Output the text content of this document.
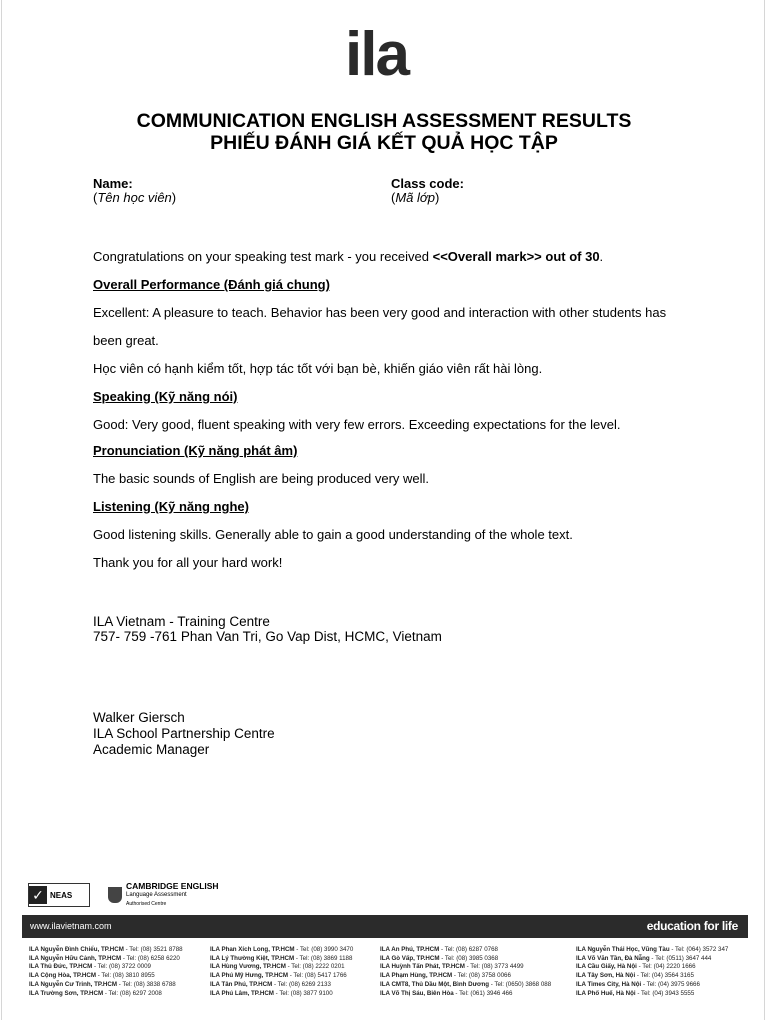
ila
COMMUNICATION ENGLISH ASSESSMENT RESULTS
PHIẾU ĐÁNH GIÁ KẾT QUẢ HỌC TẬP
Name:
(Tên học viên)
Class code:
(Mã lớp)
Congratulations on your speaking test mark - you received <<Overall mark>> out of 30.
Overall Performance (Đánh giá chung)
Excellent: A pleasure to teach. Behavior has been very good and interaction with other students has
been great.
Học viên có hạnh kiểm tốt, hợp tác tốt với bạn bè, khiến giáo viên rất hài lòng.
Speaking (Kỹ năng nói)
Good: Very good, fluent speaking with very few errors. Exceeding expectations for the level.
Pronunciation (Kỹ năng phát âm)
The basic sounds of English are being produced very well.
Listening (Kỹ năng nghe)
Good listening skills. Generally able to gain a good understanding of the whole text.
Thank you for all your hard work!
ILA Vietnam - Training Centre
757- 759 -761 Phan Van Tri, Go Vap Dist, HCMC, Vietnam
Walker Giersch
ILA School Partnership Centre
Academic Manager
✓ NEAS
CAMBRIDGE ENGLISH
Language Assessment
Authorised Centre
www.ilavietnam.com	education for life
ILA Nguyễn Đình Chiểu, TP.HCM - Tel: (08) 3521 8788	ILA Phan Xích Long, TP.HCM - Tel: (08) 3990 3470	ILA An Phú, TP.HCM - Tel: (08) 6287 0768	ILA Nguyễn Thái Học, Vũng Tàu - Tel: (064) 3572 347
ILA Nguyễn Hữu Cảnh, TP.HCM - Tel: (08) 6258 6220	ILA Lý Thường Kiệt, TP.HCM - Tel: (08) 3869 1188	ILA Gò Vấp, TP.HCM - Tel: (08) 3985 0368	ILA Võ Văn Tần, Đà Nẵng - Tel: (0511) 3647 444
ILA Thủ Đức, TP.HCM - Tel: (08) 3722 0009	ILA Hùng Vương, TP.HCM - Tel: (08) 2222 0201	ILA Huỳnh Tấn Phát, TP.HCM - Tel: (08) 3773 4499	ILA Cầu Giấy, Hà Nội - Tel: (04) 2220 1666
ILA Cộng Hòa, TP.HCM - Tel: (08) 3810 8955	ILA Phú Mỹ Hưng, TP.HCM - Tel: (08) 5417 1766	ILA Phạm Hùng, TP.HCM - Tel: (08) 3758 0066	ILA Tây Sơn, Hà Nội - Tel: (04) 3564 3165
ILA Nguyễn Cư Trinh, TP.HCM - Tel: (08) 3838 6788	ILA Tân Phú, TP.HCM - Tel: (08) 6269 2133	ILA CMT8, Thủ Dầu Một, Bình Dương - Tel: (0650) 3868 088	ILA Times City, Hà Nội - Tel: (04) 3975 9666
ILA Trường Sơn, TP.HCM - Tel: (08) 6297 2008	ILA Phú Lâm, TP.HCM - Tel: (08) 3877 9100	ILA Võ Thị Sáu, Biên Hòa - Tel: (061) 3946 466	ILA Phố Huế, Hà Nội - Tel: (04) 3943 5555
